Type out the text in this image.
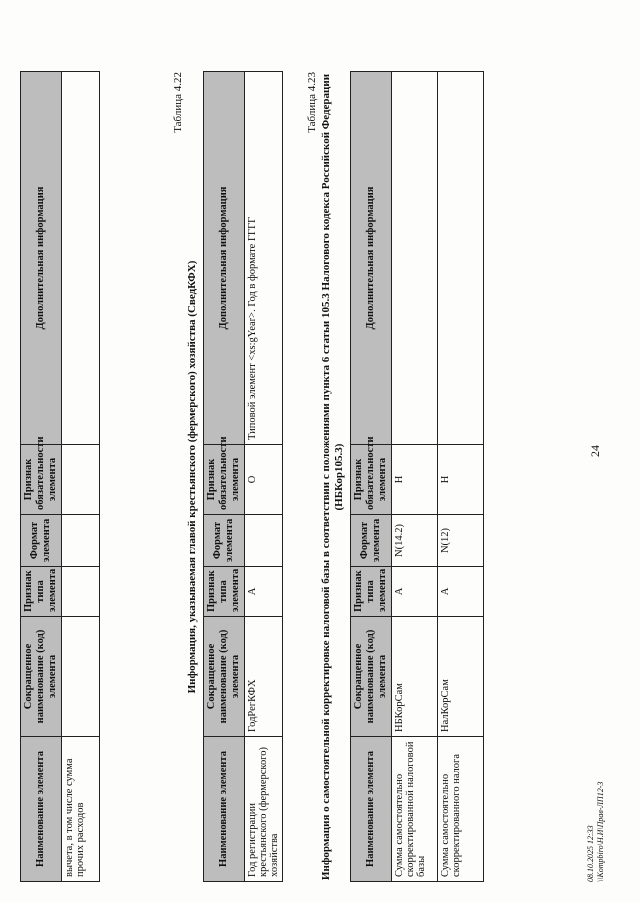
24
Наименование элемента	Сокращенное наименование (код) элемента	Признак типа элемента	Формат элемента	Признак обязательности элемента	Дополнительная информация
вычета, в том числе сумма прочих расходов					
Таблица 4.22
Информация, указываемая главой крестьянского (фермерского) хозяйства (СведКФХ)
Наименование элемента	Сокращенное наименование (код) элемента	Признак типа элемента	Формат элемента	Признак обязательности элемента	Дополнительная информация
Год регистрации крестьянского (фермерского) хозяйства	ГодРегКФХ	А		О	Типовой элемент <xs:gYear>. Год в формате ГГГГ
Таблица 4.23 Информация о самостоятельной корректировке налоговой базы в соответствии с положениями пункта 6 статьи 105.3 Налогового кодекса Российской Федерации (НБКор105.3)
Наименование элемента	Сокращенное наименование (код) элемента	Признак типа элемента	Формат элемента	Признак обязательности элемента	Дополнительная информация
Сумма самостоятельно скорректированной налоговой базы	НБКорСам	А	N(14.2)	Н	
Сумма самостоятельно скорректированного налога	НалКорСам	А	N(12)	Н	
08.10.2025 12:33 \\Kompbiro\Н.И\Прав-ЛП12-3
